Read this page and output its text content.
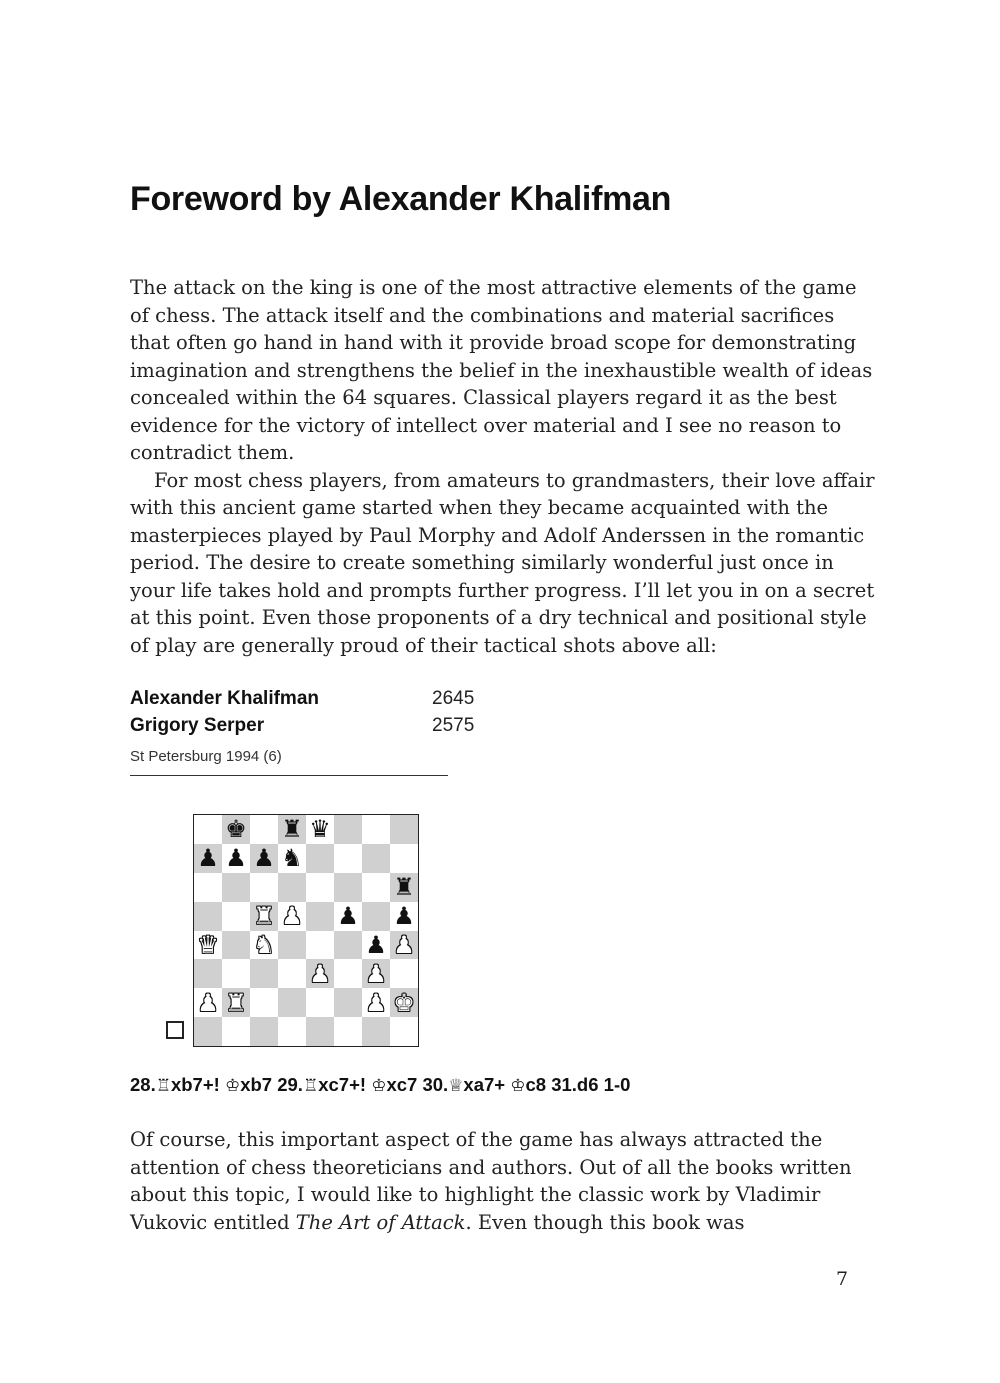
Foreword by Alexander Khalifman

The attack on the king is one of the most attractive elements of the game of chess. The attack itself and the combinations and material sacrifices that often go hand in hand with it provide broad scope for demonstrating imagination and strengthens the belief in the inexhaustible wealth of ideas concealed within the 64 squares. Classical players regard it as the best evidence for the victory of intellect over material and I see no reason to contradict them.

For most chess players, from amateurs to grandmasters, their love affair with this ancient game started when they became acquainted with the masterpieces played by Paul Morphy and Adolf Anderssen in the romantic period. The desire to create something similarly wonderful just once in your life takes hold and prompts further progress. I’ll let you in on a secret at this point. Even those proponents of a dry technical and positional style of play are generally proud of their tactical shots above all:

Alexander Khalifman	2645
Grigory Serper	2575
St Petersburg 1994 (6)
♚ ♜ ♛
♟ ♟ ♟ ♞
♜
♜ ♟ ♟ ♟
♛ ♞	♟ ♟
♟ ♟
♟ ♜	♟ ♚
28.♖xb7+! ♔xb7 29.♖xc7+! ♔xc7 30.♕xa7+ ♔c8 31.d6 1-0

Of course, this important aspect of the game has always attracted the attention of chess theoreticians and authors. Out of all the books written about this topic, I would like to highlight the classic work by Vladimir Vukovic entitled The Art of Attack. Even though this book was

7
